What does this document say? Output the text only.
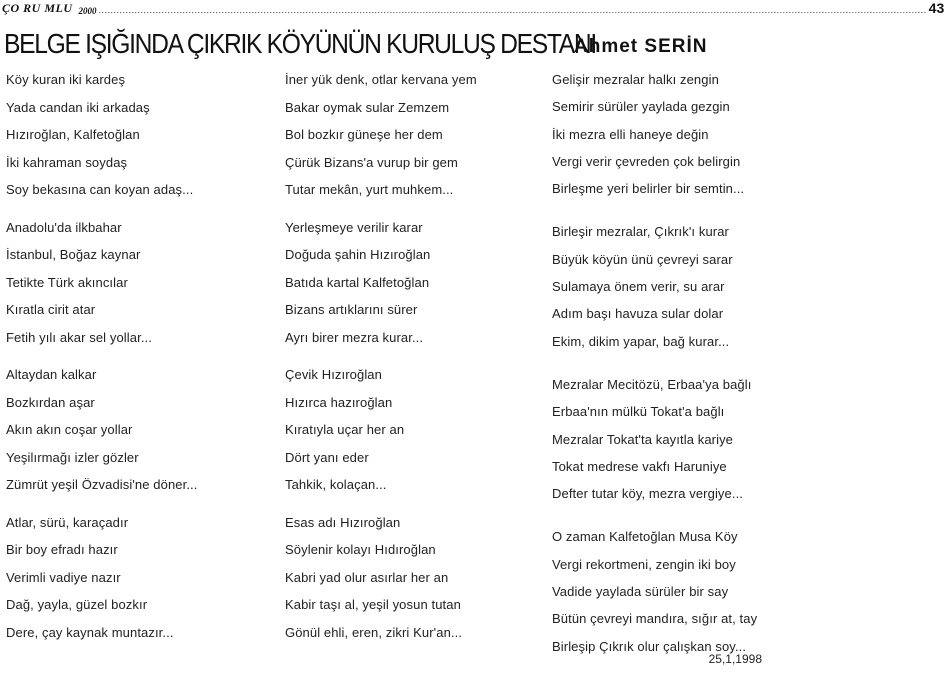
ÇO RU MLU 2000 .................................................................................................................................................................................................................................................................................... 43
BELGE IŞIĞINDA ÇIKRIK KÖYÜNÜN KURULUŞ DESTANI
Ahmet SERİN
Köy kuran iki kardeş
Yada candan iki arkadaş
Hızıroğlan, Kalfetoğlan
İki kahraman soydaş
Soy bekasına can koyan adaş...
Anadolu'da ilkbahar
İstanbul, Boğaz kaynar
Tetikte Türk akıncılar
Kıratla cirit atar
Fetih yılı akar sel yollar...
Altaydan kalkar
Bozkırdan aşar
Akın akın coşar yollar
Yeşilırmağı izler gözler
Zümrüt yeşil Özvadisi'ne döner...
Atlar, sürü, karaçadır
Bir boy efradı hazır
Verimli vadiye nazır
Dağ, yayla, güzel bozkır
Dere, çay kaynak muntazır...
İner yük denk, otlar kervana yem
Bakar oymak sular Zemzem
Bol bozkır güneşe her dem
Çürük Bizans'a vurup bir gem
Tutar mekân, yurt muhkem...
Yerleşmeye verilir karar
Doğuda şahin Hızıroğlan
Batıda kartal Kalfetoğlan
Bizans artıklarını sürer
Ayrı birer mezra kurar...
Çevik Hızıroğlan
Hızırca hazıroğlan
Kıratıyla uçar her an
Dört yanı eder
Tahkik, kolaçan...
Esas adı Hızıroğlan
Söylenir kolayı Hıdıroğlan
Kabri yad olur asırlar her an
Kabir taşı al, yeşil yosun tutan
Gönül ehli, eren, zikri Kur'an...
Gelişir mezralar halkı zengin
Semirir sürüler yaylada gezgin
İki mezra elli haneye değin
Vergi verir çevreden çok belirgin
Birleşme yeri belirler bir semtin...
Birleşir mezralar, Çıkrık'ı kurar
Büyük köyün ünü çevreyi sarar
Sulamaya önem verir, su arar
Adım başı havuza sular dolar
Ekim, dikim yapar, bağ kurar...
Mezralar Mecitözü, Erbaa'ya bağlı
Erbaa'nın mülkü Tokat'a bağlı
Mezralar Tokat'ta kayıtla kariye
Tokat medrese vakfı Haruniye
Defter tutar köy, mezra vergiye...
O zaman Kalfetoğlan Musa Köy
Vergi rekortmeni, zengin iki boy
Vadide yaylada sürüler bir say
Bütün çevreyi mandıra, sığır at, tay
Birleşip Çıkrık olur çalışkan soy...
25,1,1998
